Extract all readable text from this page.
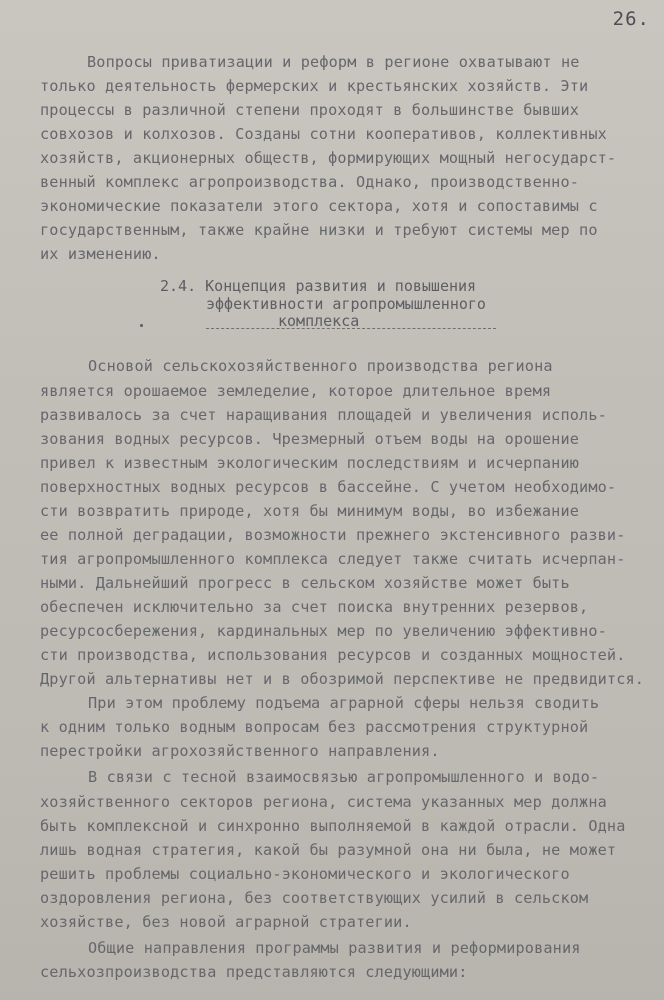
26.
Вопросы приватизации и реформ в регионе охватывают не
только деятельность фермерских и крестьянских хозяйств. Эти
процессы в различной степени проходят в большинстве бывших
совхозов и колхозов. Созданы сотни кооперативов, коллективных
хозяйств, акционерных обществ, формирующих мощный негосударст-
венный комплекс агропроизводства. Однако, производственно-
экономические показатели этого сектора, хотя и сопоставимы с
государственным, также крайне низки и требуют системы мер по
их изменению.
2.4. Концепция развития и повышения
эффективности агропромышленного
комплекса
Основой сельскохозяйственного производства региона
является орошаемое земледелие, которое длительное время
развивалось за счет наращивания площадей и увеличения исполь-
зования водных ресурсов. Чрезмерный отъем воды на орошение
привел к известным экологическим последствиям и исчерпанию
поверхностных водных ресурсов в бассейне. С учетом необходимо-
сти возвратить природе, хотя бы минимум воды, во избежание
ее полной деградации, возможности прежнего экстенсивного разви-
тия агропромышленного комплекса следует также считать исчерпан-
ными. Дальнейший прогресс в сельском хозяйстве может быть
обеспечен исключительно за счет поиска внутренних резервов,
ресурсосбережения, кардинальных мер по увеличению эффективно-
сти производства, использования ресурсов и созданных мощностей.
Другой альтернативы нет и в обозримой перспективе не предвидится.
При этом проблему подъема аграрной сферы нельзя сводить
к одним только водным вопросам без рассмотрения структурной
перестройки агрохозяйственного направления.
В связи с тесной взаимосвязью агропромышленного и водо-
хозяйственного секторов региона, система указанных мер должна
быть комплексной и синхронно выполняемой в каждой отрасли. Одна
лишь водная стратегия, какой бы разумной она ни была, не может
решить проблемы социально-экономического и экологического
оздоровления региона, без соответствующих усилий в сельском
хозяйстве, без новой аграрной стратегии.
Общие направления программы развития и реформирования
сельхозпроизводства представляются следующими:
